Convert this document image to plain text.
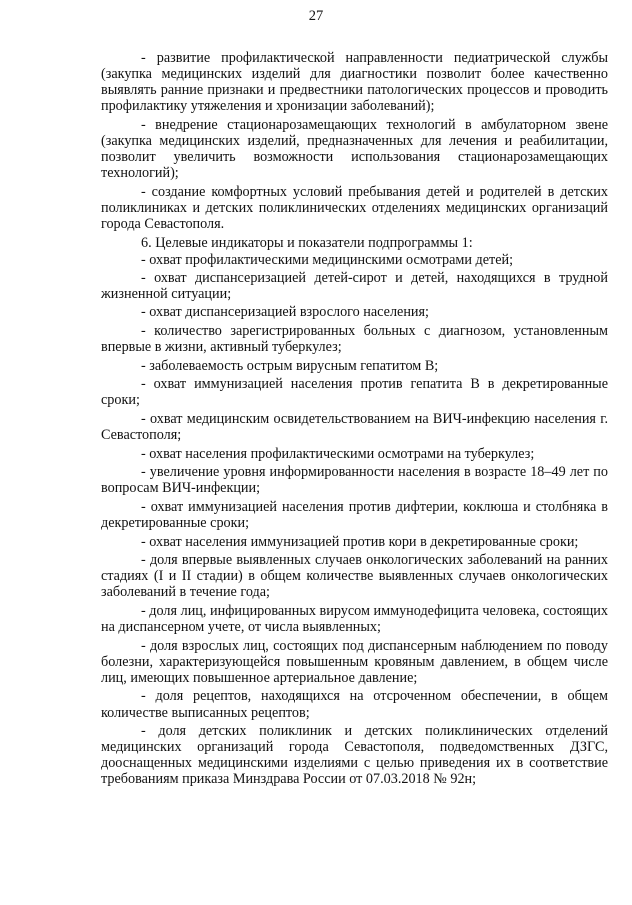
27

- развитие профилактической направленности педиатрической службы (закупка медицинских изделий для диагностики позволит более качественно выявлять ранние признаки и предвестники патологических процессов и проводить профилактику утяжеления и хронизации заболеваний);

- внедрение стационарозамещающих технологий в амбулаторном звене (закупка медицинских изделий, предназначенных для лечения и реабилитации, позволит увеличить возможности использования стационарозамещающих технологий);

- создание комфортных условий пребывания детей и родителей в детских поликлиниках и детских поликлинических отделениях медицинских организаций города Севастополя.

6. Целевые индикаторы и показатели подпрограммы 1:

- охват профилактическими медицинскими осмотрами детей;

- охват диспансеризацией детей-сирот и детей, находящихся в трудной жизненной ситуации;

- охват диспансеризацией взрослого населения;

- количество зарегистрированных больных с диагнозом, установленным впервые в жизни, активный туберкулез;

- заболеваемость острым вирусным гепатитом В;

- охват иммунизацией населения против гепатита В в декретированные сроки;

- охват медицинским освидетельствованием на ВИЧ-инфекцию населения г. Севастополя;

- охват населения профилактическими осмотрами на туберкулез;

- увеличение уровня информированности населения в возрасте 18–49 лет по вопросам ВИЧ-инфекции;

- охват иммунизацией населения против дифтерии, коклюша и столбняка в декретированные сроки;

- охват населения иммунизацией против кори в декретированные сроки;

- доля впервые выявленных случаев онкологических заболеваний на ранних стадиях (I и II стадии) в общем количестве выявленных случаев онкологических заболеваний в течение года;

- доля лиц, инфицированных вирусом иммунодефицита человека, состоящих на диспансерном учете, от числа выявленных;

- доля взрослых лиц, состоящих под диспансерным наблюдением по поводу болезни, характеризующейся повышенным кровяным давлением, в общем числе лиц, имеющих повышенное артериальное давление;

- доля рецептов, находящихся на отсроченном обеспечении, в общем количестве выписанных рецептов;

- доля детских поликлиник и детских поликлинических отделений медицинских организаций города Севастополя, подведомственных ДЗГС, дооснащенных медицинскими изделиями с целью приведения их в соответствие требованиям приказа Минздрава России от 07.03.2018 № 92н;
